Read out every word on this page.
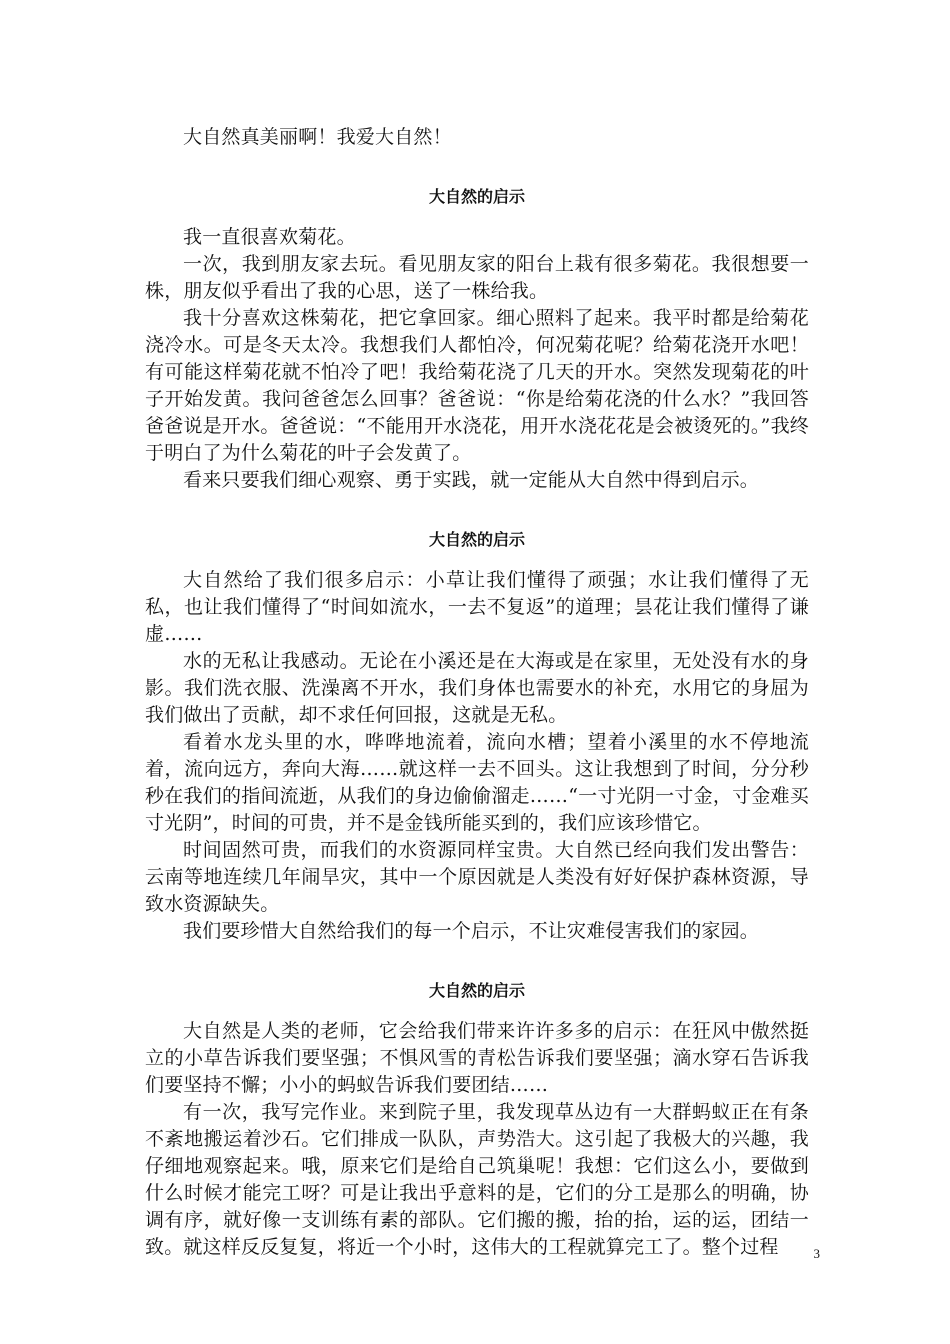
大自然真美丽啊！我爱大自然！

大自然的启示

我一直很喜欢菊花。

一次，我到朋友家去玩。看见朋友家的阳台上栽有很多菊花。我很想要一株，朋友似乎看出了我的心思，送了一株给我。

我十分喜欢这株菊花，把它拿回家。细心照料了起来。我平时都是给菊花浇冷水。可是冬天太冷。我想我们人都怕冷，何况菊花呢？给菊花浇开水吧！有可能这样菊花就不怕冷了吧！我给菊花浇了几天的开水。突然发现菊花的叶子开始发黄。我问爸爸怎么回事？爸爸说：“你是给菊花浇的什么水？”我回答爸爸说是开水。爸爸说：“不能用开水浇花，用开水浇花花是会被烫死的。”我终于明白了为什么菊花的叶子会发黄了。

看来只要我们细心观察、勇于实践，就一定能从大自然中得到启示。

大自然的启示

大自然给了我们很多启示：小草让我们懂得了顽强；水让我们懂得了无私，也让我们懂得了“时间如流水，一去不复返”的道理；昙花让我们懂得了谦虚……

水的无私让我感动。无论在小溪还是在大海或是在家里，无处没有水的身影。我们洗衣服、洗澡离不开水，我们身体也需要水的补充，水用它的身屈为我们做出了贡献，却不求任何回报，这就是无私。

看着水龙头里的水，哗哗地流着，流向水槽；望着小溪里的水不停地流着，流向远方，奔向大海……就这样一去不回头。这让我想到了时间，分分秒秒在我们的指间流逝，从我们的身边偷偷溜走……“一寸光阴一寸金，寸金难买寸光阴”，时间的可贵，并不是金钱所能买到的，我们应该珍惜它。

时间固然可贵，而我们的水资源同样宝贵。大自然已经向我们发出警告：云南等地连续几年闹旱灾，其中一个原因就是人类没有好好保护森林资源，导致水资源缺失。

我们要珍惜大自然给我们的每一个启示，不让灾难侵害我们的家园。

大自然的启示

大自然是人类的老师，它会给我们带来许许多多的启示：在狂风中傲然挺立的小草告诉我们要坚强；不惧风雪的青松告诉我们要坚强；滴水穿石告诉我们要坚持不懈；小小的蚂蚁告诉我们要团结……

有一次，我写完作业。来到院子里，我发现草丛边有一大群蚂蚁正在有条不紊地搬运着沙石。它们排成一队队，声势浩大。这引起了我极大的兴趣，我仔细地观察起来。哦，原来它们是给自己筑巢呢！我想：它们这么小，要做到什么时候才能完工呀？可是让我出乎意料的是，它们的分工是那么的明确，协调有序，就好像一支训练有素的部队。它们搬的搬，抬的抬，运的运，团结一致。就这样反反复复，将近一个小时，这伟大的工程就算完工了。整个过程	3
